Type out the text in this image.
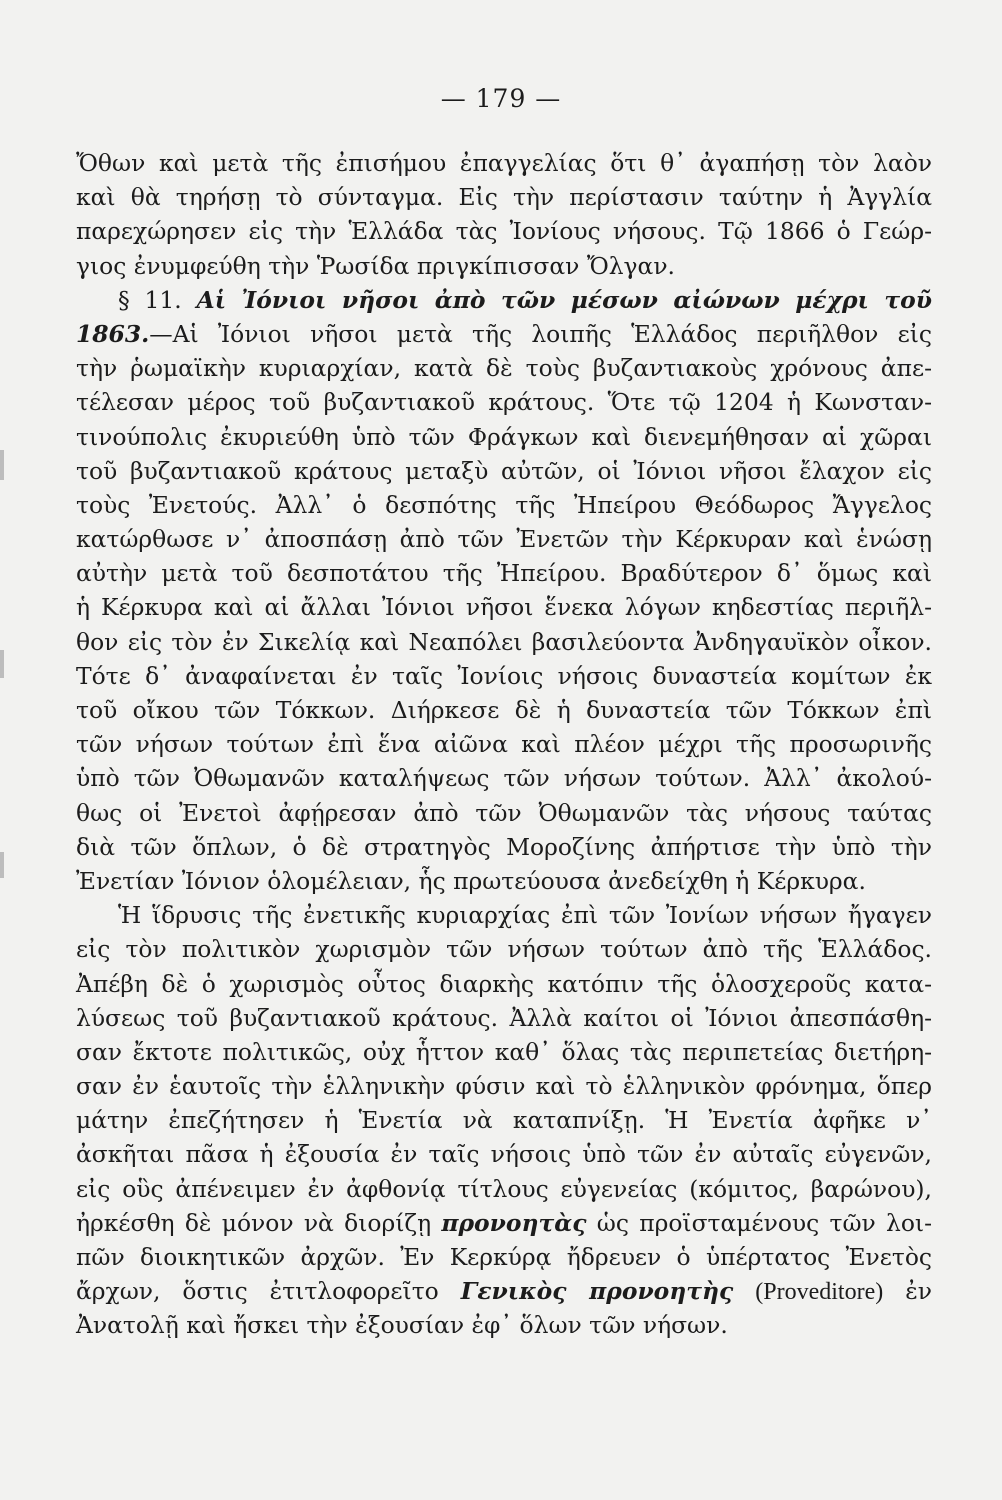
— 179 —
Ὄθων καὶ μετὰ τῆς ἐπισήμου ἐπαγγελίας ὅτι θ᾽ ἀγαπήσῃ τὸν λαὸν
καὶ θὰ τηρήσῃ τὸ σύνταγμα. Εἰς τὴν περίστασιν ταύτην ἡ Ἀγγλία
παρεχώρησεν εἰς τὴν Ἑλλάδα τὰς Ἰονίους νήσους. Τῷ 1866 ὁ Γεώρ-
γιος ἐνυμφεύθη τὴν Ῥωσίδα πριγκίπισσαν Ὄλγαν.
§ 11. Αἱ Ἰόνιοι νῆσοι ἀπὸ τῶν μέσων αἰώνων μέχρι τοῦ
1863.—Αἱ Ἰόνιοι νῆσοι μετὰ τῆς λοιπῆς Ἑλλάδος περιῆλθον εἰς
τὴν ῥωμαϊκὴν κυριαρχίαν, κατὰ δὲ τοὺς βυζαντιακοὺς χρόνους ἀπε-
τέλεσαν μέρος τοῦ βυζαντιακοῦ κράτους. Ὅτε τῷ 1204 ἡ Κωνσταν-
τινούπολις ἐκυριεύθη ὑπὸ τῶν Φράγκων καὶ διενεμήθησαν αἱ χῶραι
τοῦ βυζαντιακοῦ κράτους μεταξὺ αὐτῶν, οἱ Ἰόνιοι νῆσοι ἔλαχον εἰς
τοὺς Ἐνετούς. Ἀλλ᾽ ὁ δεσπότης τῆς Ἠπείρου Θεόδωρος Ἄγγελος
κατώρθωσε ν᾽ ἀποσπάσῃ ἀπὸ τῶν Ἐνετῶν τὴν Κέρκυραν καὶ ἑνώσῃ
αὐτὴν μετὰ τοῦ δεσποτάτου τῆς Ἠπείρου. Βραδύτερον δ᾽ ὅμως καὶ
ἡ Κέρκυρα καὶ αἱ ἄλλαι Ἰόνιοι νῆσοι ἕνεκα λόγων κηδεστίας περιῆλ-
θον εἰς τὸν ἐν Σικελίᾳ καὶ Νεαπόλει βασιλεύοντα Ἀνδηγαυϊκὸν οἶκον.
Τότε δ᾽ ἀναφαίνεται ἐν ταῖς Ἰονίοις νήσοις δυναστεία κομίτων ἐκ
τοῦ οἴκου τῶν Τόκκων. Διήρκεσε δὲ ἡ δυναστεία τῶν Τόκκων ἐπὶ
τῶν νήσων τούτων ἐπὶ ἕνα αἰῶνα καὶ πλέον μέχρι τῆς προσωρινῆς
ὑπὸ τῶν Ὀθωμανῶν καταλήψεως τῶν νήσων τούτων. Ἀλλ᾽ ἀκολού-
θως οἱ Ἐνετοὶ ἀφῄρεσαν ἀπὸ τῶν Ὀθωμανῶν τὰς νήσους ταύτας
διὰ τῶν ὅπλων, ὁ δὲ στρατηγὸς Μοροζίνης ἀπήρτισε τὴν ὑπὸ τὴν
Ἐνετίαν Ἰόνιον ὁλομέλειαν, ἧς πρωτεύουσα ἀνεδείχθη ἡ Κέρκυρα.
Ἡ ἵδρυσις τῆς ἐνετικῆς κυριαρχίας ἐπὶ τῶν Ἰονίων νήσων ἤγαγεν
εἰς τὸν πολιτικὸν χωρισμὸν τῶν νήσων τούτων ἀπὸ τῆς Ἑλλάδος.
Ἀπέβη δὲ ὁ χωρισμὸς οὗτος διαρκὴς κατόπιν τῆς ὁλοσχεροῦς κατα-
λύσεως τοῦ βυζαντιακοῦ κράτους. Ἀλλὰ καίτοι οἱ Ἰόνιοι ἀπεσπάσθη-
σαν ἔκτοτε πολιτικῶς, οὐχ ἧττον καθ᾽ ὅλας τὰς περιπετείας διετήρη-
σαν ἐν ἑαυτοῖς τὴν ἑλληνικὴν φύσιν καὶ τὸ ἑλληνικὸν φρόνημα, ὅπερ
μάτην ἐπεζήτησεν ἡ Ἑνετία νὰ καταπνίξῃ. Ἡ Ἐνετία ἀφῆκε ν᾽
ἀσκῆται πᾶσα ἡ ἐξουσία ἐν ταῖς νήσοις ὑπὸ τῶν ἐν αὐταῖς εὐγενῶν,
εἰς οὓς ἀπένειμεν ἐν ἀφθονίᾳ τίτλους εὐγενείας (κόμιτος, βαρώνου),
ἠρκέσθη δὲ μόνον νὰ διορίζῃ προνοητὰς ὡς προϊσταμένους τῶν λοι-
πῶν διοικητικῶν ἀρχῶν. Ἐν Κερκύρᾳ ἤδρευεν ὁ ὑπέρτατος Ἐνετὸς
ἄρχων, ὅστις ἐτιτλοφορεῖτο Γενικὸς προνοητὴς (Proveditore) ἐν
Ἀνατολῇ καὶ ἤσκει τὴν ἐξουσίαν ἐφ᾽ ὅλων τῶν νήσων.
